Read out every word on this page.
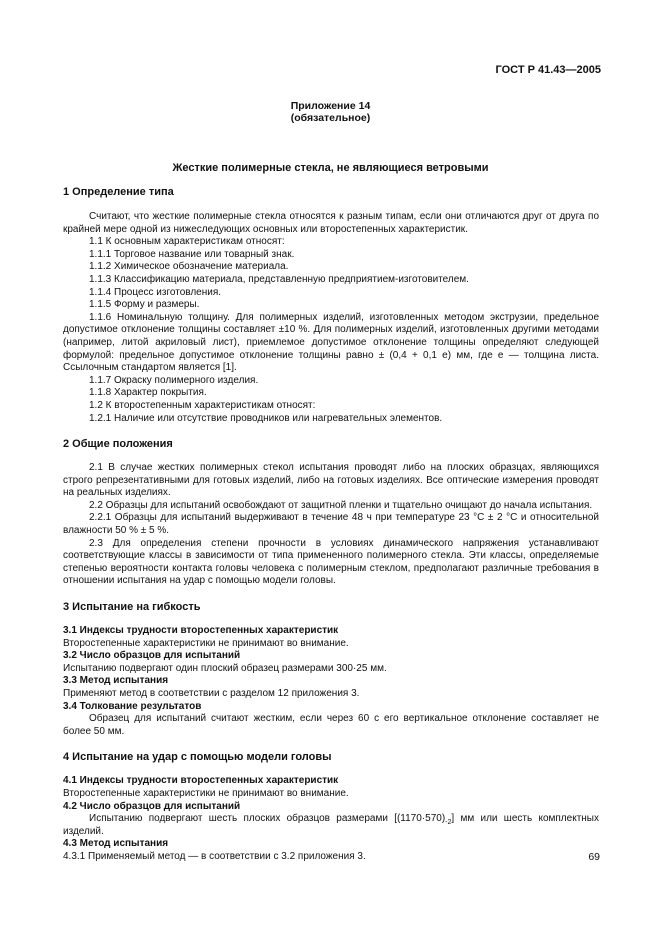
ГОСТ Р 41.43—2005
Приложение 14
(обязательное)
Жесткие полимерные стекла, не являющиеся ветровыми
1 Определение типа

Считают, что жесткие полимерные стекла относятся к разным типам, если они отличаются друг от друга по крайней мере одной из нижеследующих основных или второстепенных характеристик.

1.1 К основным характеристикам относят:

1.1.1 Торговое название или товарный знак.

1.1.2 Химическое обозначение материала.

1.1.3 Классификацию материала, представленную предприятием-изготовителем.

1.1.4 Процесс изготовления.

1.1.5 Форму и размеры.

1.1.6 Номинальную толщину. Для полимерных изделий, изготовленных методом экструзии, предельное допустимое отклонение толщины составляет ±10 %. Для полимерных изделий, изготовленных другими методами (например, литой акриловый лист), приемлемое допустимое отклонение толщины определяют следующей формулой: предельное допустимое отклонение толщины равно ± (0,4 + 0,1 е) мм, где е — толщина листа. Ссылочным стандартом является [1].

1.1.7 Окраску полимерного изделия.

1.1.8 Характер покрытия.

1.2 К второстепенным характеристикам относят:

1.2.1 Наличие или отсутствие проводников или нагревательных элементов.

2 Общие положения

2.1 В случае жестких полимерных стекол испытания проводят либо на плоских образцах, являющихся строго репрезентативными для готовых изделий, либо на готовых изделиях. Все оптические измерения проводят на реальных изделиях.

2.2 Образцы для испытаний освобождают от защитной пленки и тщательно очищают до начала испытания.

2.2.1 Образцы для испытаний выдерживают в течение 48 ч при температуре 23 °C ± 2 °C и относительной влажности 50 % ± 5 %.

2.3 Для определения степени прочности в условиях динамического напряжения устанавливают соответствующие классы в зависимости от типа примененного полимерного стекла. Эти классы, определяемые степенью вероятности контакта головы человека с полимерным стеклом, предполагают различные требования в отношении испытания на удар с помощью модели головы.

3 Испытание на гибкость
3.1 Индексы трудности второстепенных характеристик

Второстепенные характеристики не принимают во внимание.

3.2 Число образцов для испытаний

Испытанию подвергают один плоский образец размерами 300·25 мм.

3.3 Метод испытания

Применяют метод в соответствии с разделом 12 приложения 3.

3.4 Толкование результатов

Образец для испытаний считают жестким, если через 60 с его вертикальное отклонение составляет не более 50 мм.

4 Испытание на удар с помощью модели головы
4.1 Индексы трудности второстепенных характеристик

Второстепенные характеристики не принимают во внимание.

4.2 Число образцов для испытаний

Испытанию подвергают шесть плоских образцов размерами $[(1170\cdot 570)_{-2}]$ мм или шесть комплектных изделий.

4.3 Метод испытания

4.3.1 Применяемый метод — в соответствии с 3.2 приложения 3.	69
